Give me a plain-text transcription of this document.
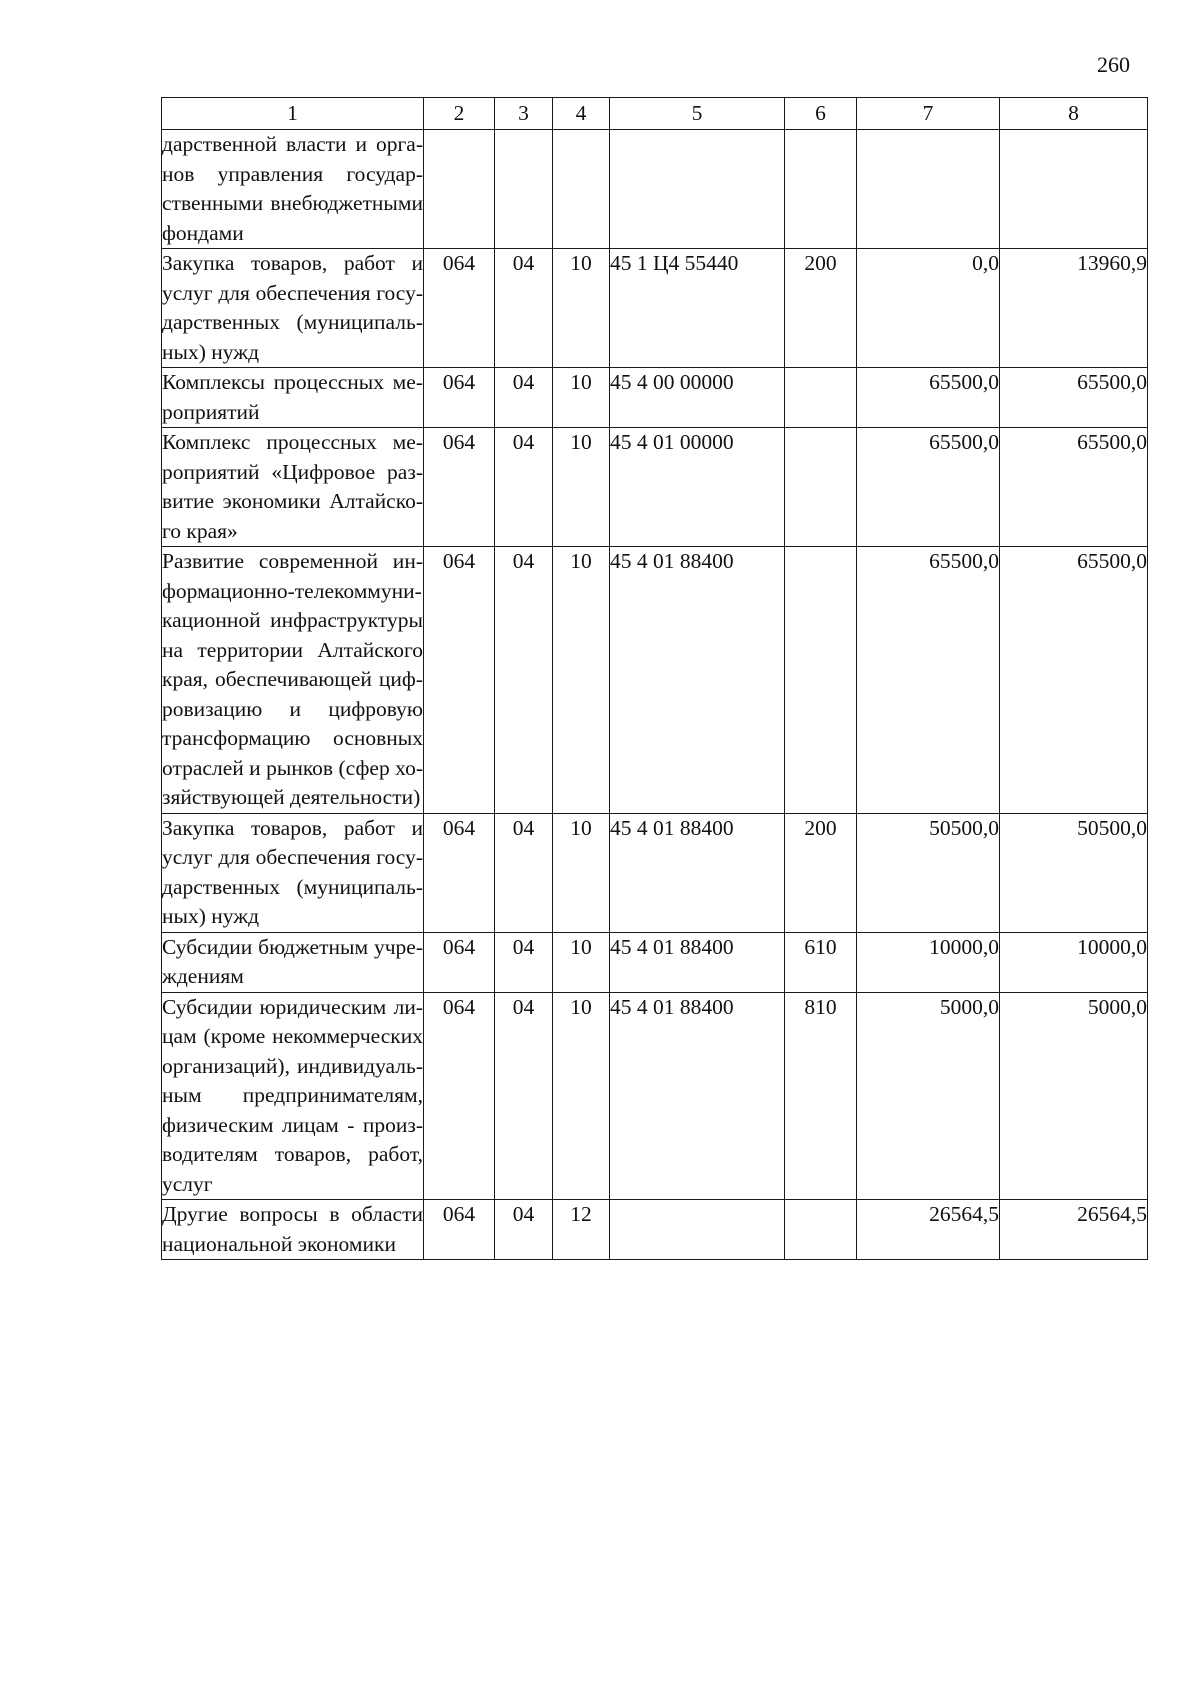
260
1	2	3	4	5	6	7	8
дарственной власти и органов управления государственными внебюджетными фондами							
Закупка товаров, работ и услуг для обеспечения государственных (муниципальных) нужд	064	04	10	45 1 Ц4 55440	200	0,0	13960,9
Комплексы процессных мероприятий	064	04	10	45 4 00 00000		65500,0	65500,0
Комплекс процессных мероприятий «Цифровое развитие экономики Алтайского края»	064	04	10	45 4 01 00000		65500,0	65500,0
Развитие современной информационно-телекоммуникационной инфраструктуры на территории Алтайского края, обеспечивающей цифровизацию и цифровую трансформацию основных отраслей и рынков (сфер хозяйствующей деятельности)	064	04	10	45 4 01 88400		65500,0	65500,0
Закупка товаров, работ и услуг для обеспечения государственных (муниципальных) нужд	064	04	10	45 4 01 88400	200	50500,0	50500,0
Субсидии бюджетным учреждениям	064	04	10	45 4 01 88400	610	10000,0	10000,0
Субсидии юридическим лицам (кроме некоммерческих организаций), индивидуальным предпринимателям, физическим лицам - производителям товаров, работ, услуг	064	04	10	45 4 01 88400	810	5000,0	5000,0
Другие вопросы в области национальной экономики	064	04	12			26564,5	26564,5
